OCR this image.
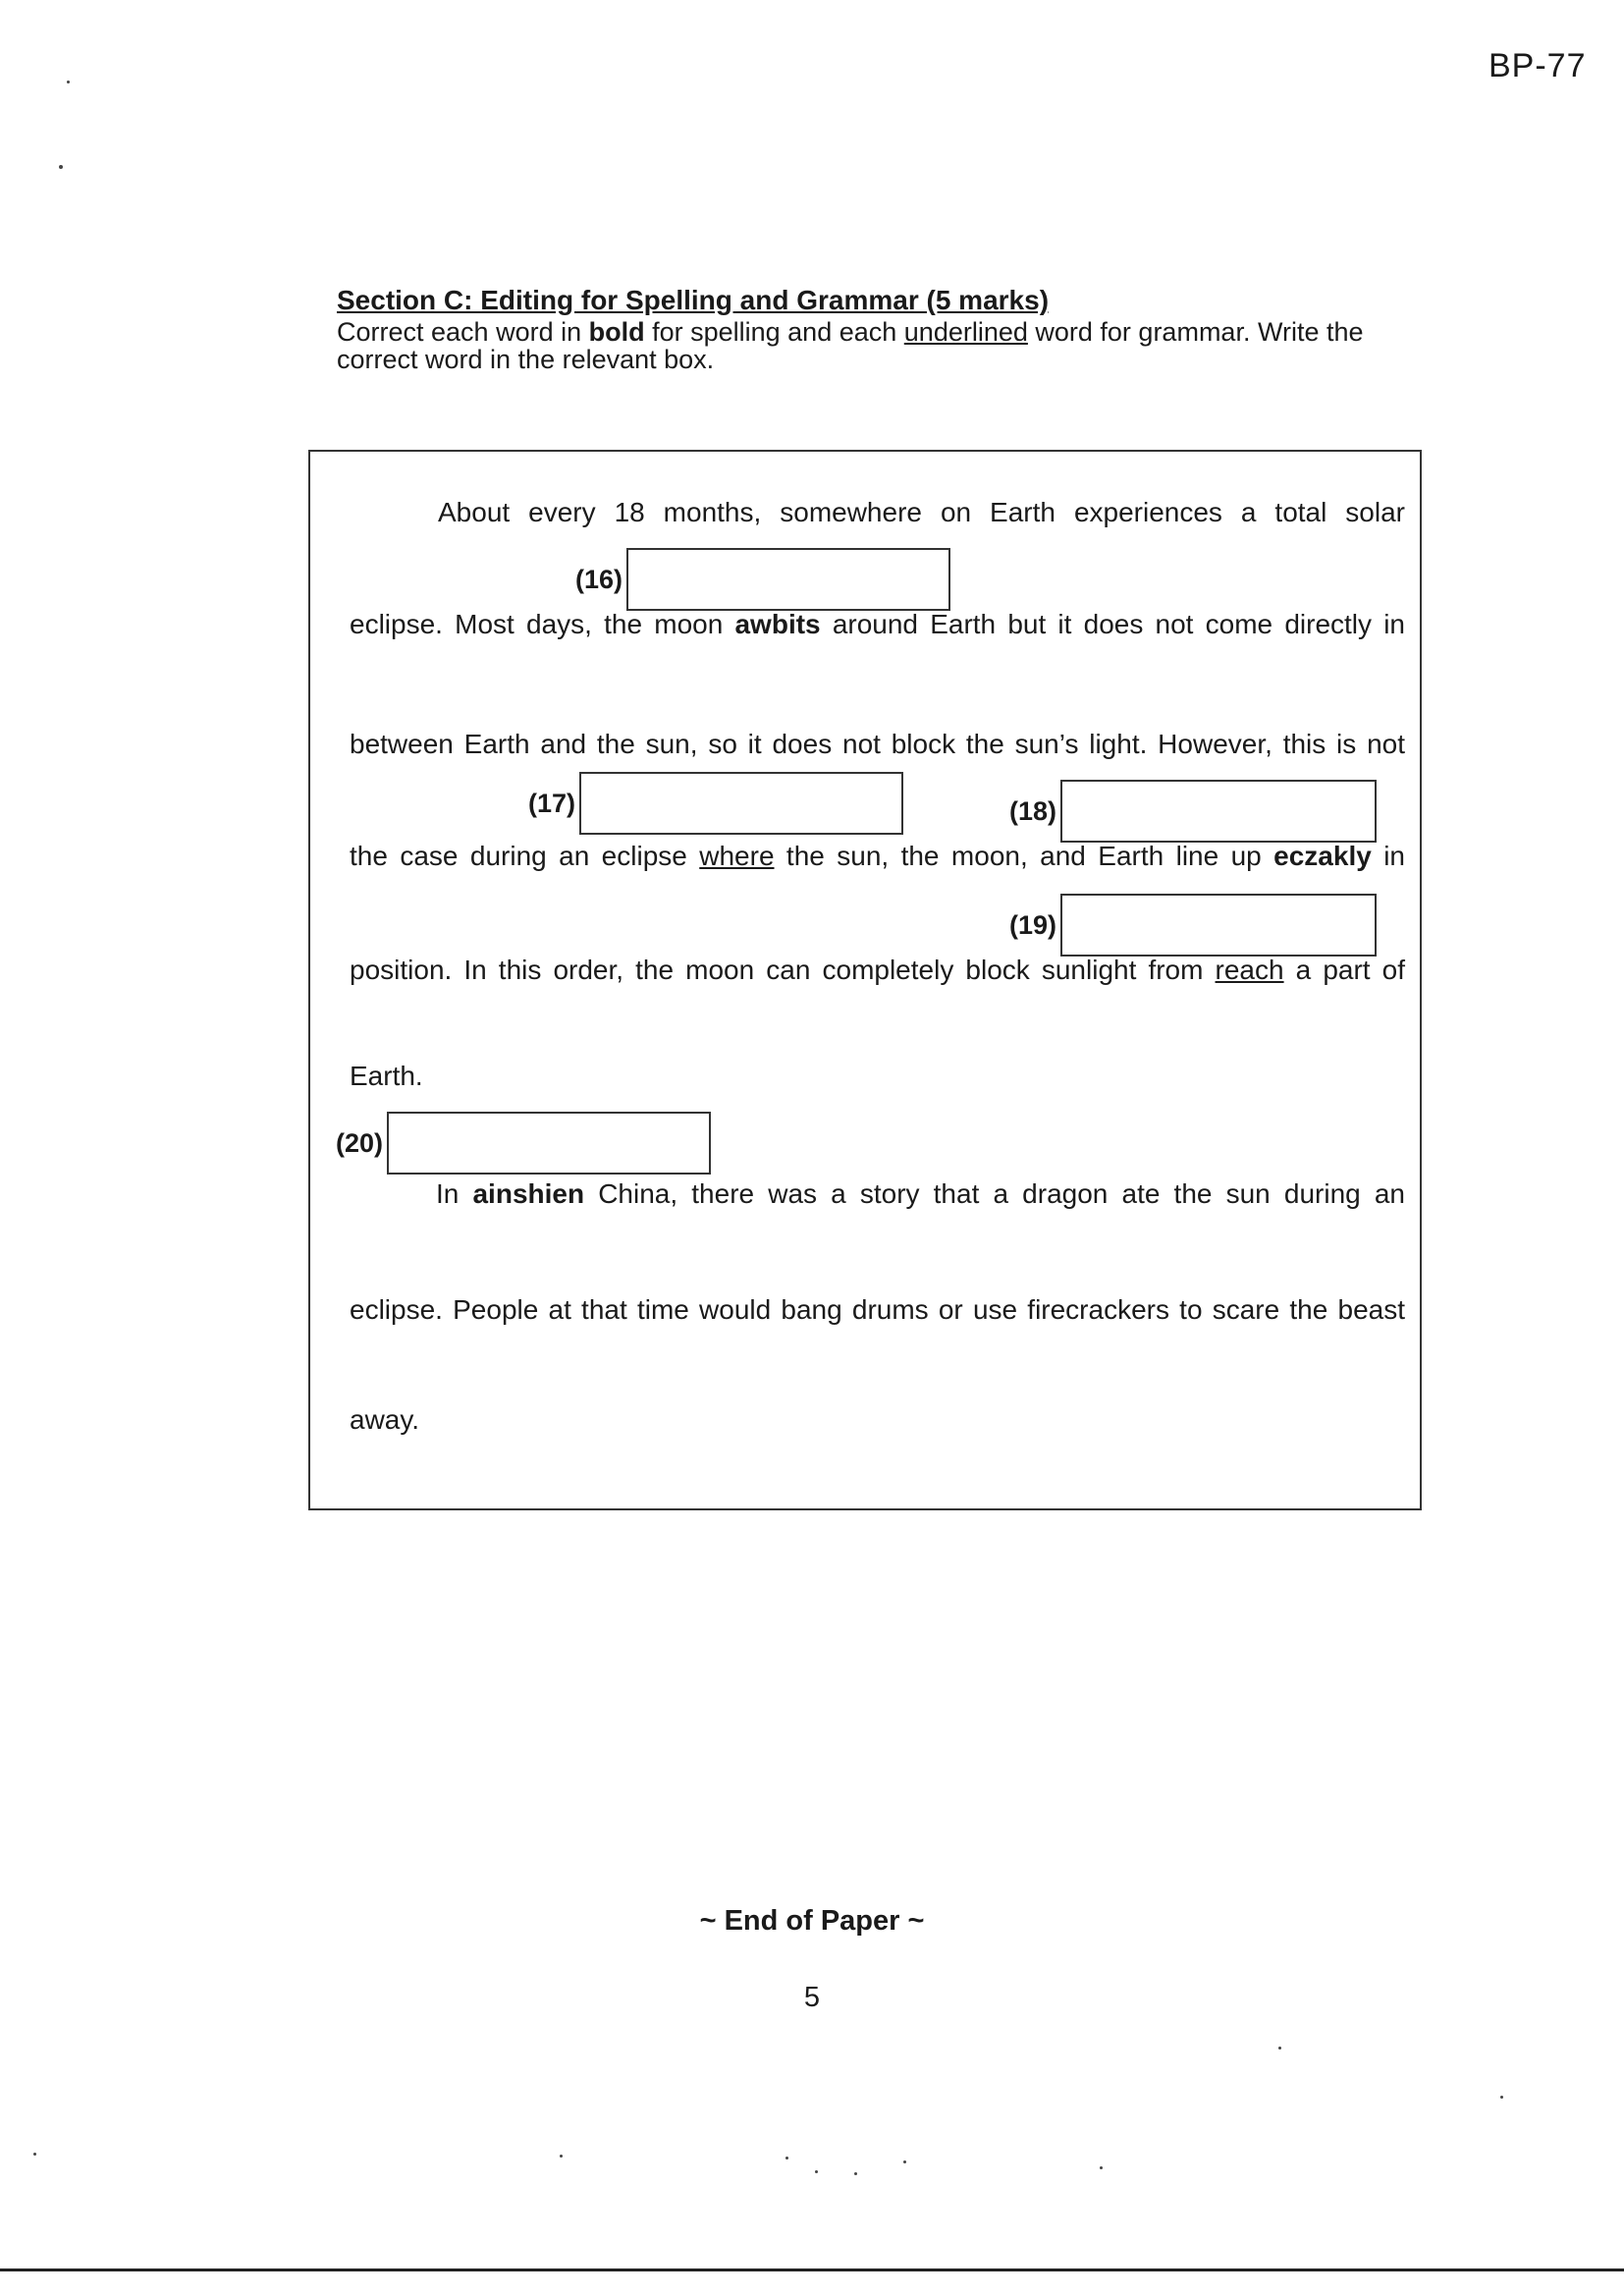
BP-77

Section C: Editing for Spelling and Grammar (5 marks)

Correct each word in bold for spelling and each underlined word for grammar. Write the correct word in the relevant box.

About every 18 months, somewhere on Earth experiences a total solar
(16)
eclipse. Most days, the moon awbits around Earth but it does not come directly in
between Earth and the sun, so it does not block the sun’s light. However, this is not
(17)	(18)
the case during an eclipse where the sun, the moon, and Earth line up eczakly in
(19)
position. In this order, the moon can completely block sunlight from reach a part of
Earth.
(20)
In ainshien China, there was a story that a dragon ate the sun during an
eclipse. People at that time would bang drums or use firecrackers to scare the beast
away.
~ End of Paper ~
5
